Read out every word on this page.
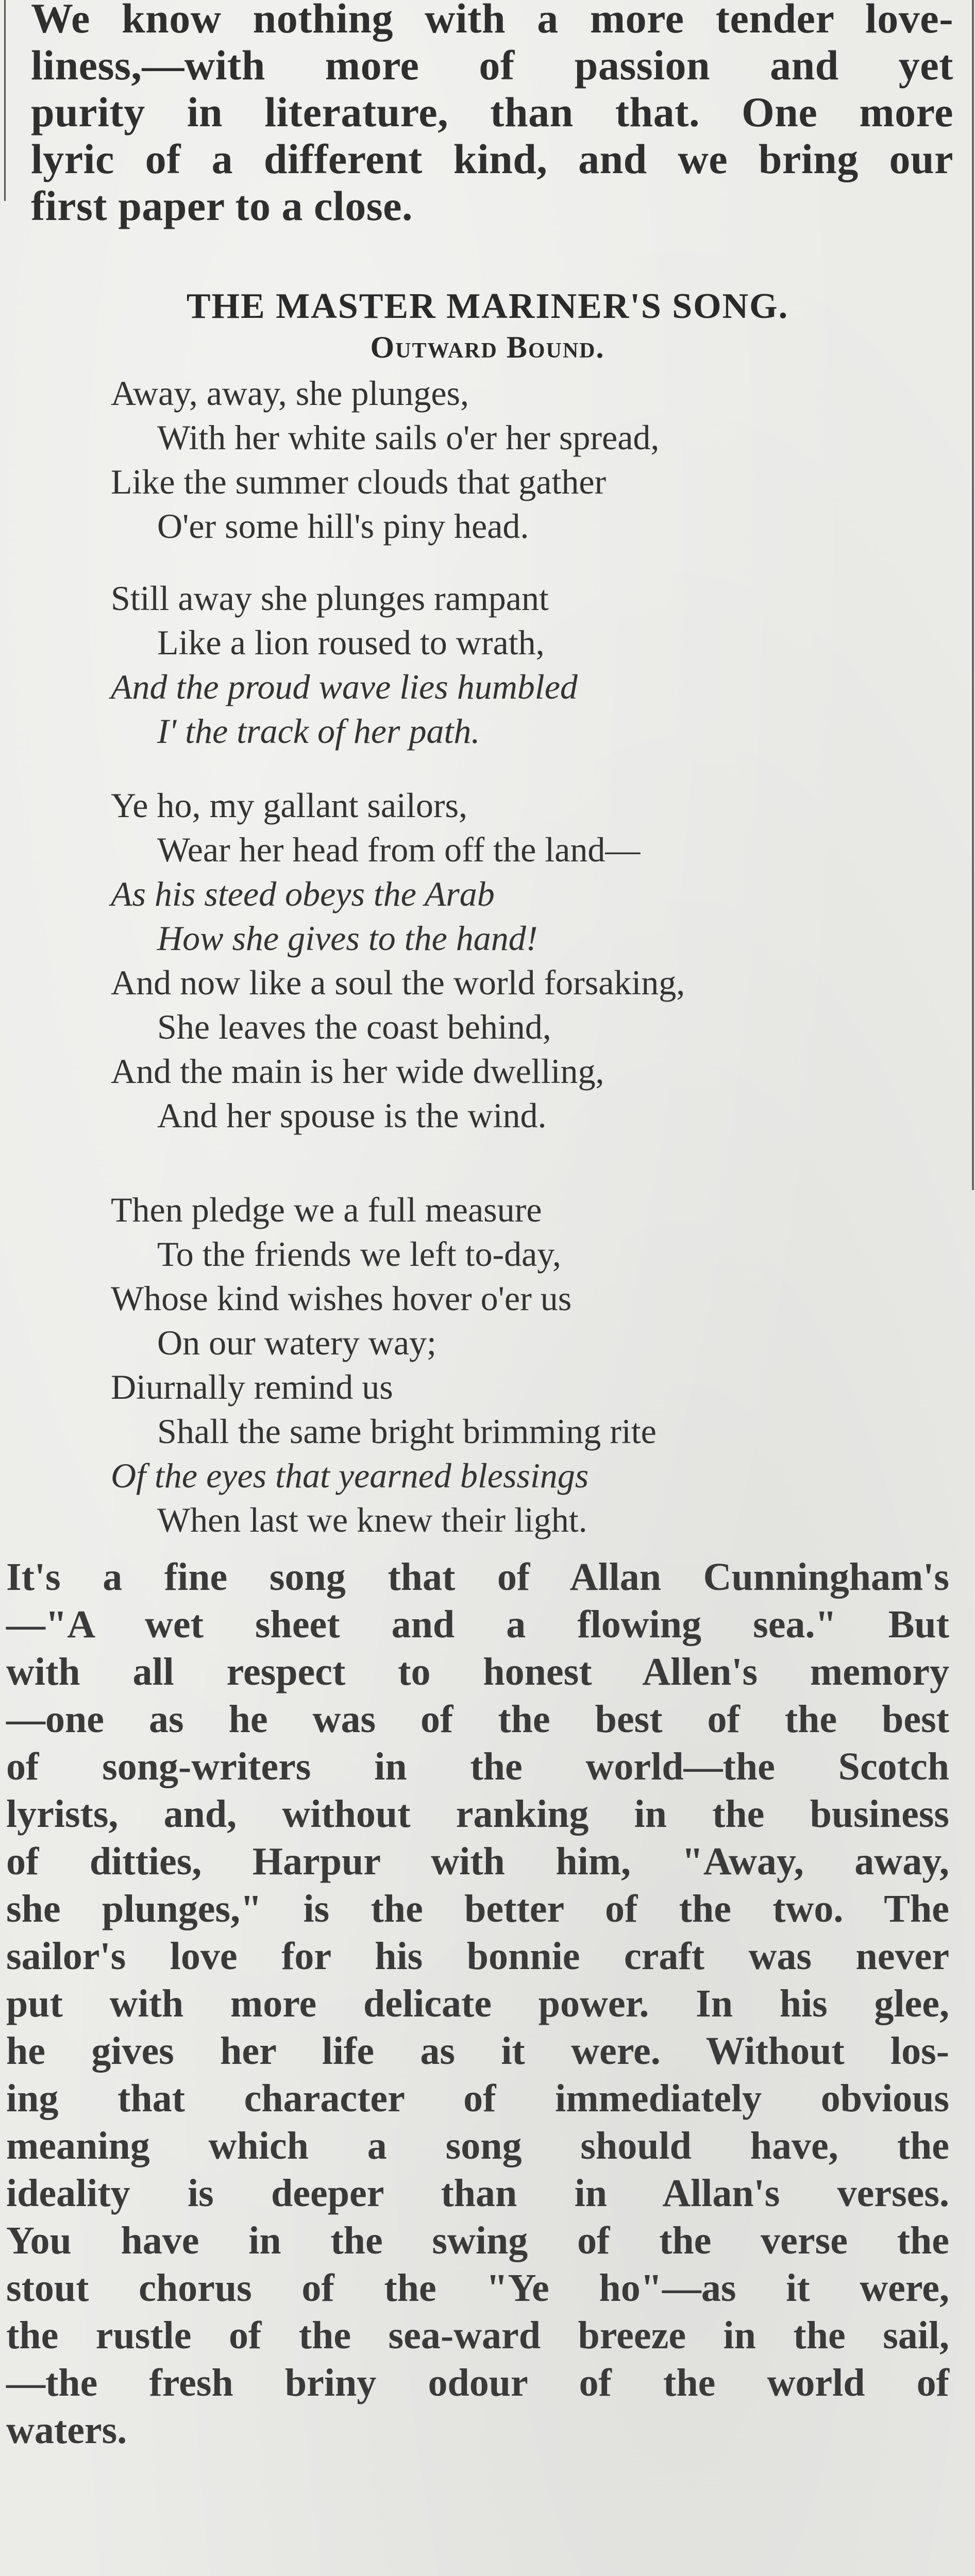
We know nothing with a more tender love-
liness,—with more of passion and yet
purity in literature, than that. One more
lyric of a different kind, and we bring our
first paper to a close.
THE MASTER MARINER'S SONG.
Outward Bound.
Away, away, she plunges,
With her white sails o'er her spread,
Like the summer clouds that gather
O'er some hill's piny head.
Still away she plunges rampant
Like a lion roused to wrath,
And the proud wave lies humbled
I' the track of her path.
Ye ho, my gallant sailors,
Wear her head from off the land—
As his steed obeys the Arab
How she gives to the hand!
And now like a soul the world forsaking,
She leaves the coast behind,
And the main is her wide dwelling,
And her spouse is the wind.
Then pledge we a full measure
To the friends we left to-day,
Whose kind wishes hover o'er us
On our watery way;
Diurnally remind us
Shall the same bright brimming rite
Of the eyes that yearned blessings
When last we knew their light.
It's a fine song that of Allan Cunningham's
—"A wet sheet and a flowing sea." But
with all respect to honest Allen's memory
—one as he was of the best of the best
of song-writers in the world—the Scotch
lyrists, and, without ranking in the business
of ditties, Harpur with him, "Away, away,
she plunges," is the better of the two. The
sailor's love for his bonnie craft was never
put with more delicate power. In his glee,
he gives her life as it were. Without los-
ing that character of immediately obvious
meaning which a song should have, the
ideality is deeper than in Allan's verses.
You have in the swing of the verse the
stout chorus of the "Ye ho"—as it were,
the rustle of the sea-ward breeze in the sail,
—the fresh briny odour of the world of
waters.
